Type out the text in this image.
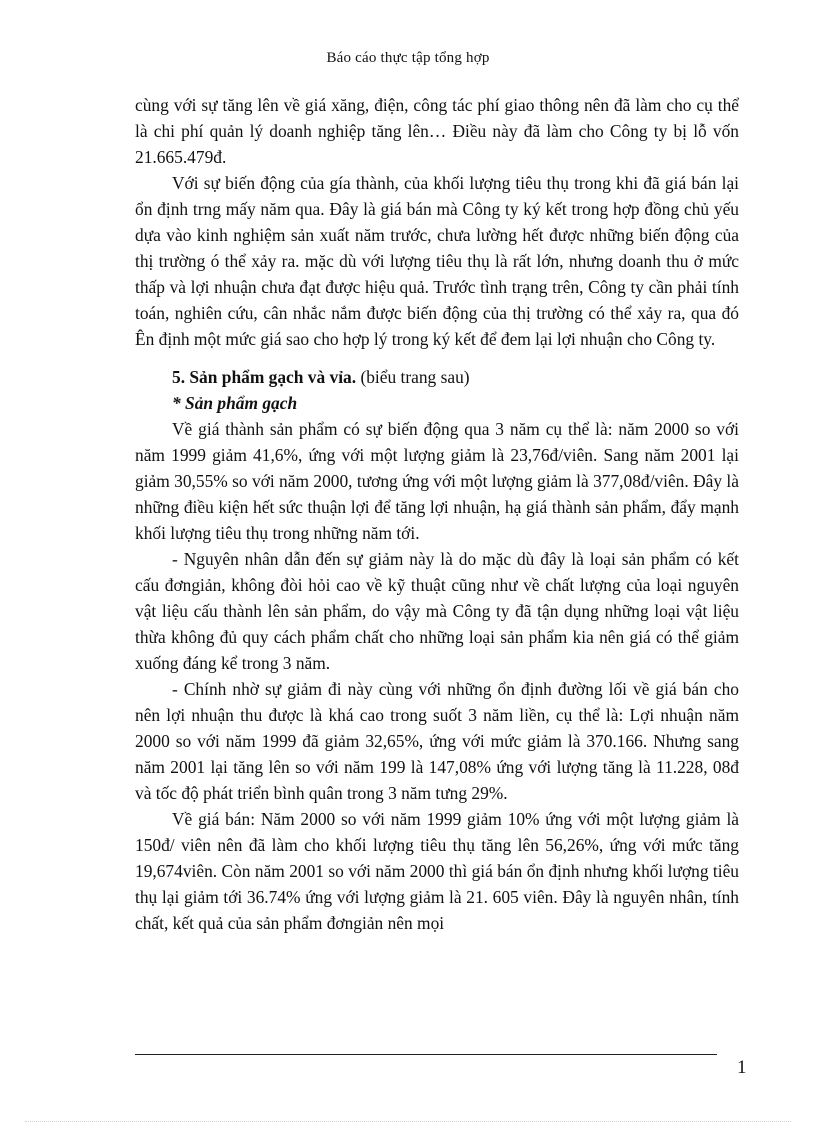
Báo cáo thực tập tổng hợp

cùng với sự tăng lên về giá xăng, điện, công tác phí giao thông nên đã làm cho cụ thể là chi phí quản lý doanh nghiệp tăng lên… Điều này đã làm cho Công ty bị lỗ vốn 21.665.479đ.

Với sự biến động của gía thành, của khối lượng tiêu thụ trong khi đã giá bán lại ổn định trng mấy năm qua. Đây là giá bán mà Công ty ký kết trong hợp đồng chủ yếu dựa vào kinh nghiệm sản xuất năm trước, chưa lường hết được những biến động của thị trường ó thể xảy ra. mặc dù với lượng tiêu thụ là rất lớn, nhưng doanh thu ở mức thấp và lợi nhuận chưa đạt được hiệu quả. Trước tình trạng trên, Công ty cần phải tính toán, nghiên cứu, cân nhắc nắm được biến động của thị trường có thể xảy ra, qua đó Ên định một mức giá sao cho hợp lý trong ký kết để đem lại lợi nhuận cho Công ty.

5. Sản phẩm gạch và vỉa. (biểu trang sau)

* Sản phẩm gạch

Về giá thành sản phẩm có sự biến động qua 3 năm cụ thể là: năm 2000 so với năm 1999 giảm 41,6%, ứng với một lượng giảm là 23,76đ/viên. Sang năm 2001 lại giảm 30,55% so với năm 2000, tương ứng với một lượng giảm là 377,08đ/viên. Đây là những điều kiện hết sức thuận lợi để tăng lợi nhuận, hạ giá thành sản phẩm, đẩy mạnh khối lượng tiêu thụ trong những năm tới.

- Nguyên nhân dẫn đến sự giảm này là do mặc dù đây là loại sản phẩm có kết cấu đơngiản, không đòi hỏi cao về kỹ thuật cũng như về chất lượng của loại nguyên vật liệu cấu thành lên sản phẩm, do vậy mà Công ty đã tận dụng những loại vật liệu thừa không đủ quy cách phẩm chất cho những loại sản phẩm kia nên giá có thể giảm xuống đáng kể trong 3 năm.

- Chính nhờ sự giảm đi này cùng với những ổn định đường lối về giá bán cho nên lợi nhuận thu được là khá cao trong suốt 3 năm liền, cụ thể là: Lợi nhuận năm 2000 so với năm 1999 đã giảm 32,65%, ứng với mức giảm là 370.166. Nhưng sang năm 2001 lại tăng lên so với năm 199 là 147,08% ứng với lượng tăng là 11.228, 08đ và tốc độ phát triển bình quân trong 3 năm tưng 29%.

Về giá bán: Năm 2000 so với năm 1999 giảm 10% ứng với một lượng giảm là 150đ/ viên nên đã làm cho khối lượng tiêu thụ tăng lên 56,26%, ứng với mức tăng 19,674viên. Còn năm 2001 so với năm 2000 thì giá bán ổn định nhưng khối lượng tiêu thụ lại giảm tới 36.74% ứng với lượng giảm là 21. 605 viên. Đây là nguyên nhân, tính chất, kết quả của sản phẩm đơngiản nên mọi

1
